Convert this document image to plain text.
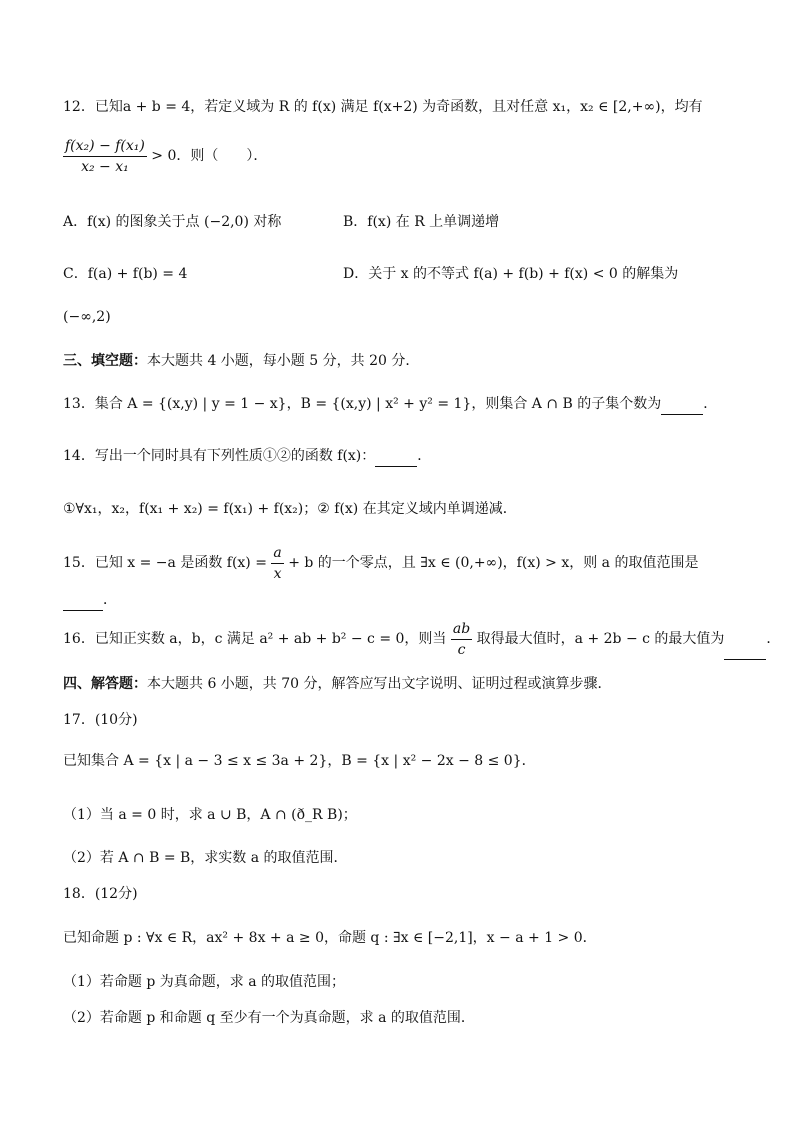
12．已知a + b = 4，若定义域为 R 的 f(x) 满足 f(x+2) 为奇函数，且对任意 x₁，x₂ ∈ [2,+∞)，均有
$\frac{\text{f(x₂) − f(x₁)}}{\text{x₂ − x₁}} > 0$．则（　　）．
A．f(x) 的图象关于点 (−2,0) 对称	B．f(x) 在 R 上单调递增
C．f(a) + f(b) = 4	D．关于 x 的不等式 f(a) + f(b) + f(x) < 0 的解集为
(−∞,2)
三、填空题：本大题共 4 小题，每小题 5 分，共 20 分．
13．集合 A = {(x,y) | y = 1 − x}，B = {(x,y) | x² + y² = 1}，则集合 A ∩ B 的子集个数为	．
14．写出一个同时具有下列性质①②的函数 f(x)：	．
①∀x₁，x₂，f(x₁ + x₂) = f(x₁) + f(x₂)；② f(x) 在其定义域内单调递减．
15．已知 x = −a 是函数 $f(x) = \frac{a}{x} + b$ 的一个零点，且 ∃x ∈ (0,+∞)，f(x) > x，则 a 的取值范围是
．
16．已知正实数 a，b，c 满足 a² + ab + b² − c = 0，则当 $\frac{ab}{c}$ 取得最大值时，a + 2b − c 的最大值为	．
四、解答题：本大题共 6 小题，共 70 分，解答应写出文字说明、证明过程或演算步骤．
17．(10分)
已知集合 A = {x | a − 3 ≤ x ≤ 3a + 2}，B = {x | x² − 2x − 8 ≤ 0}．
（1）当 a = 0 时，求 a ∪ B，A ∩ (ð_R B)；
（2）若 A ∩ B = B，求实数 a 的取值范围．
18．(12分)
已知命题 p : ∀x ∈ R，ax² + 8x + a ≥ 0，命题 q : ∃x ∈ [−2,1]，x − a + 1 > 0．
（1）若命题 p 为真命题，求 a 的取值范围；
（2）若命题 p 和命题 q 至少有一个为真命题，求 a 的取值范围．
